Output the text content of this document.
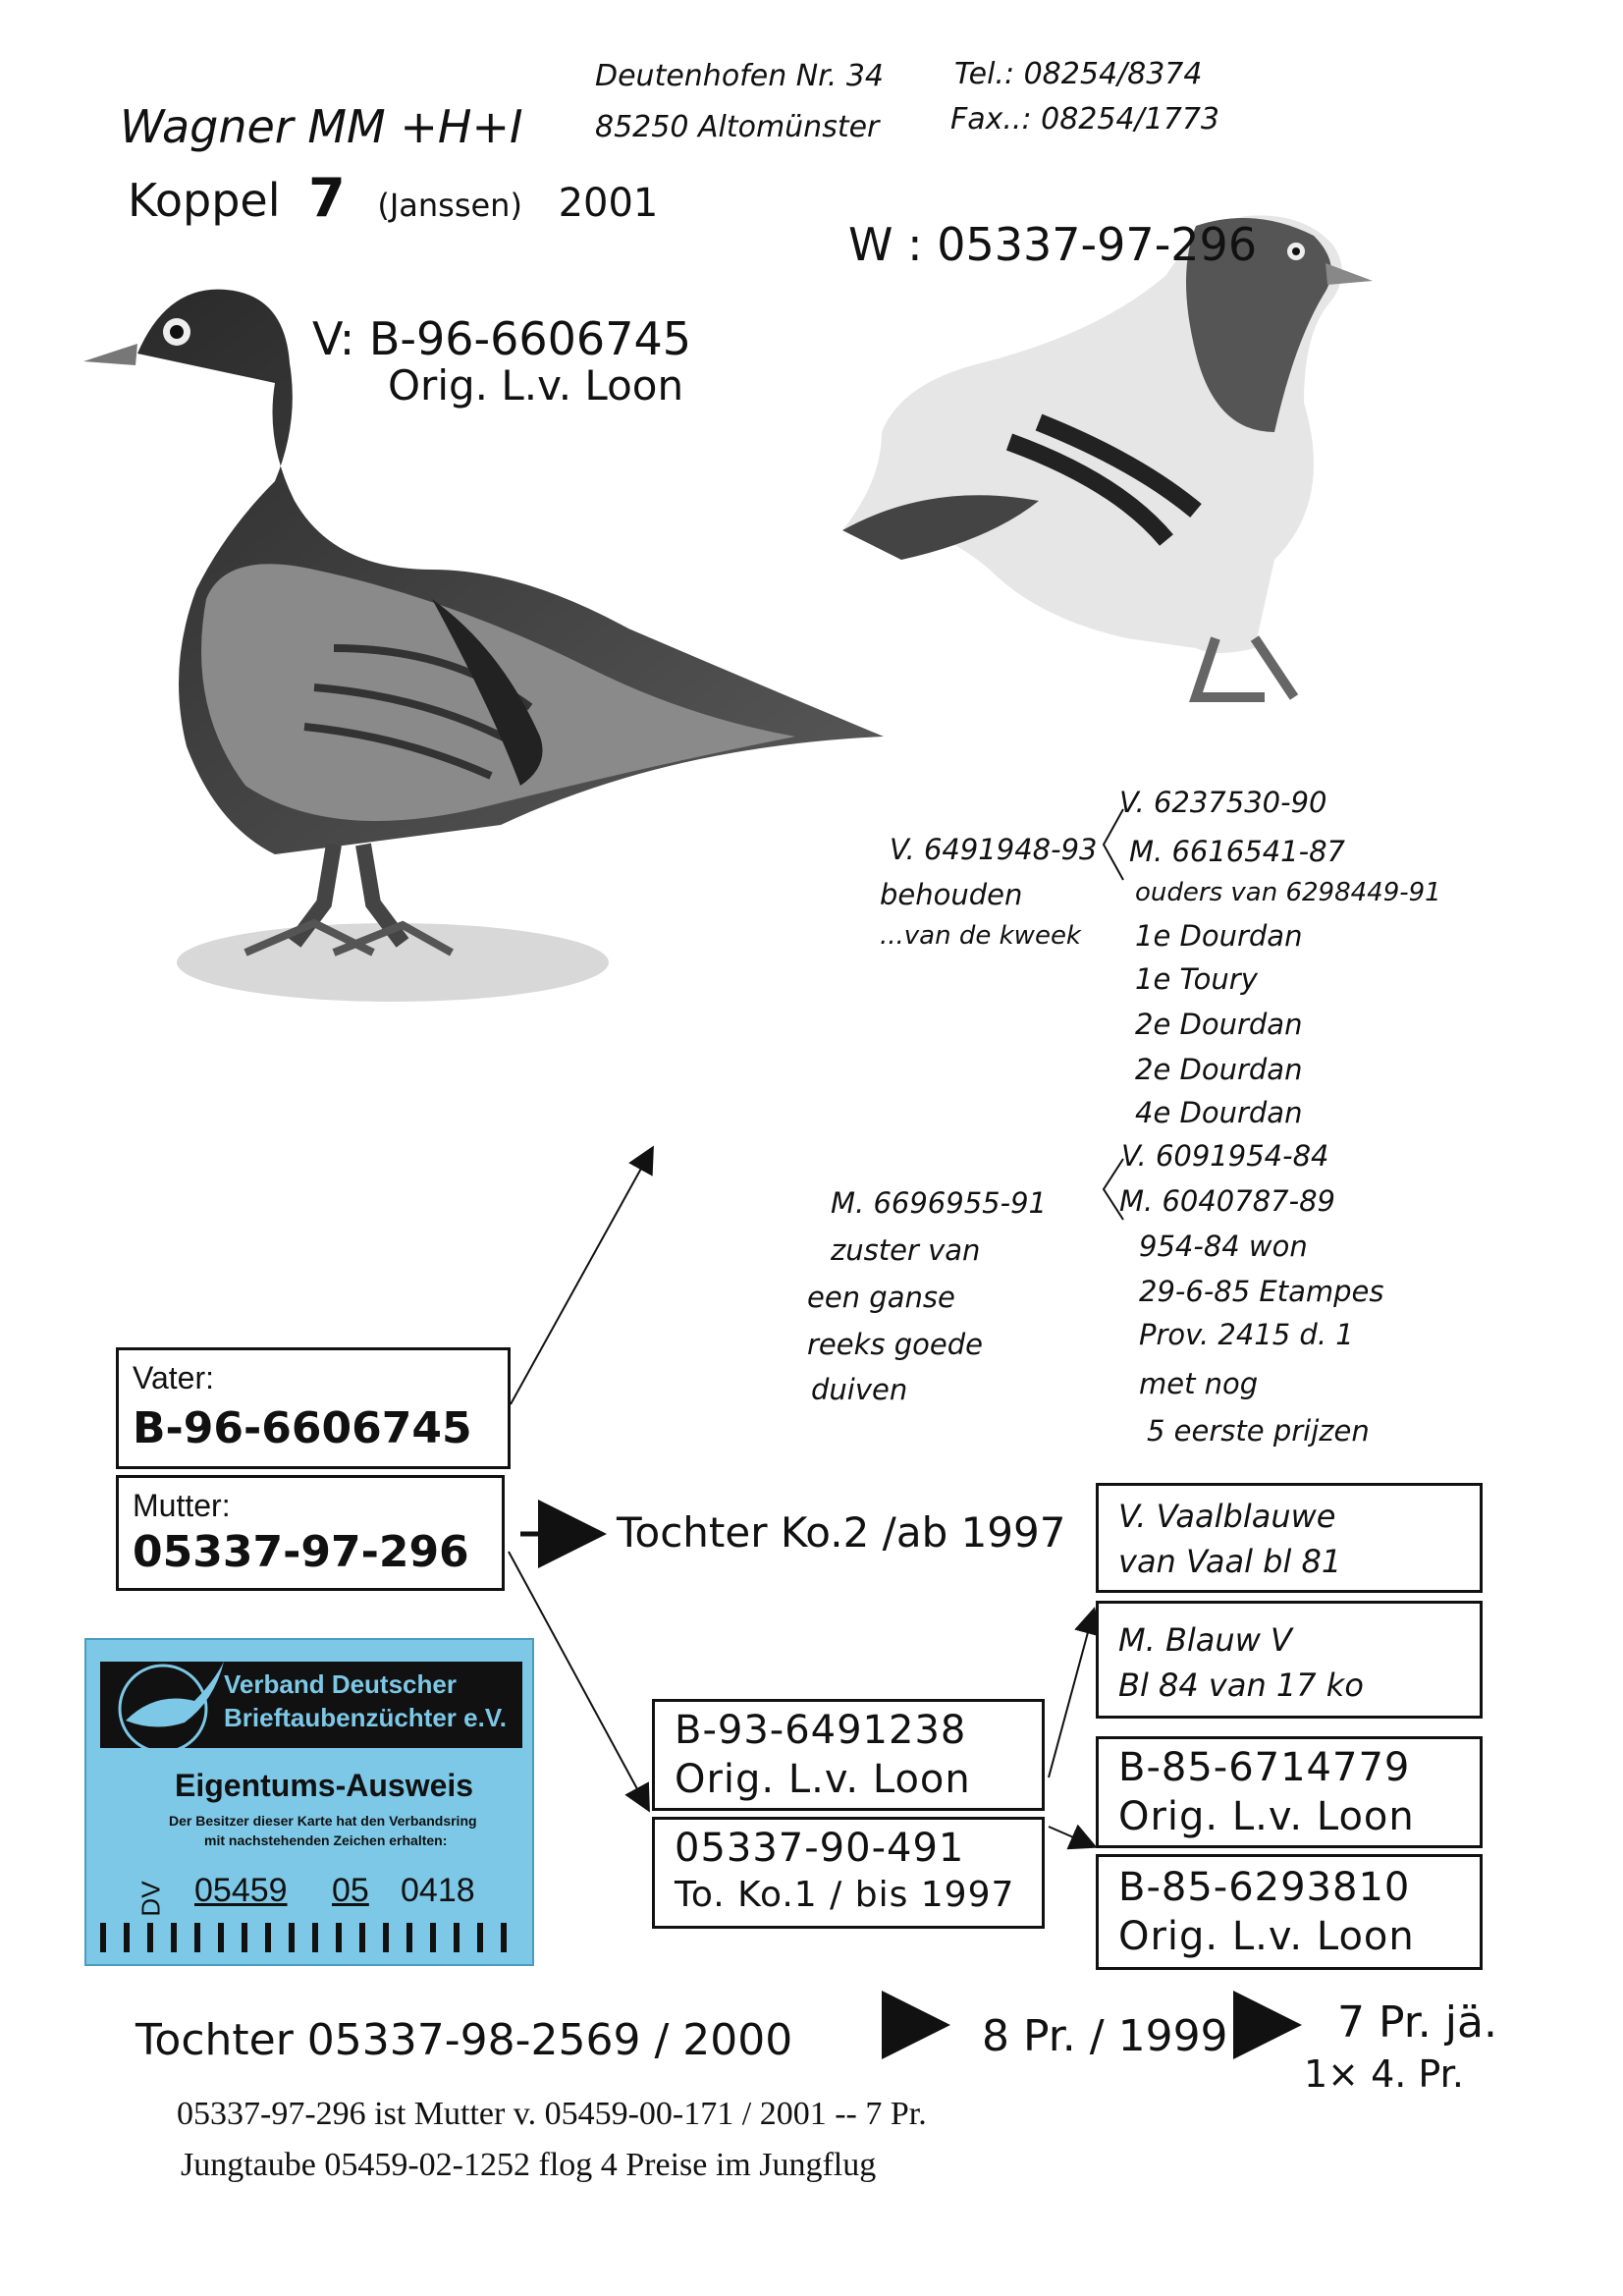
Deutenhofen Nr. 34
85250 Altomünster
Tel.: 08254/8374
Fax..: 08254/1773
Wagner MM +H+I
Koppel 7 (Janssen) 2001
V: B-96-6606745
Orig. L.v. Loon
W : 05337-97-296
V. 6491948-93
behouden
...van de kweek
V. 6237530-90
M. 6616541-87
ouders van 6298449-91
1e Dourdan
1e Toury
2e Dourdan
2e Dourdan
4e Dourdan
V. 6091954-84
M. 6696955-91
zuster van
een ganse
reeks goede
duiven
M. 6040787-89
954-84 won
29-6-85 Etampes
Prov. 2415 d. 1
met nog
5 eerste prijzen
Vater:
B-96-6606745
Mutter:
05337-97-296	Tochter Ko.2 /ab 1997
B-93-6491238
Orig. L.v. Loon
05337-90-491
To. Ko.1 / bis 1997
V. Vaalblauwe
van Vaal bl 81
M. Blauw V
Bl 84 van 17 ko
B-85-6714779
Orig. L.v. Loon
B-85-6293810
Orig. L.v. Loon
Verband Deutscher
Brieftaubenzüchter e.V.
Eigentums-Ausweis
Der Besitzer dieser Karte hat den Verbandsring
mit nachstehenden Zeichen erhalten:
DV 05459 05 0418
Tochter 05337-98-2569 / 2000	8 Pr. / 1999	7 Pr. jä.
1× 4. Pr.
05337-97-296 ist Mutter v. 05459-00-171 / 2001 -- 7 Pr.
Jungtaube 05459-02-1252 flog 4 Preise im Jungflug
